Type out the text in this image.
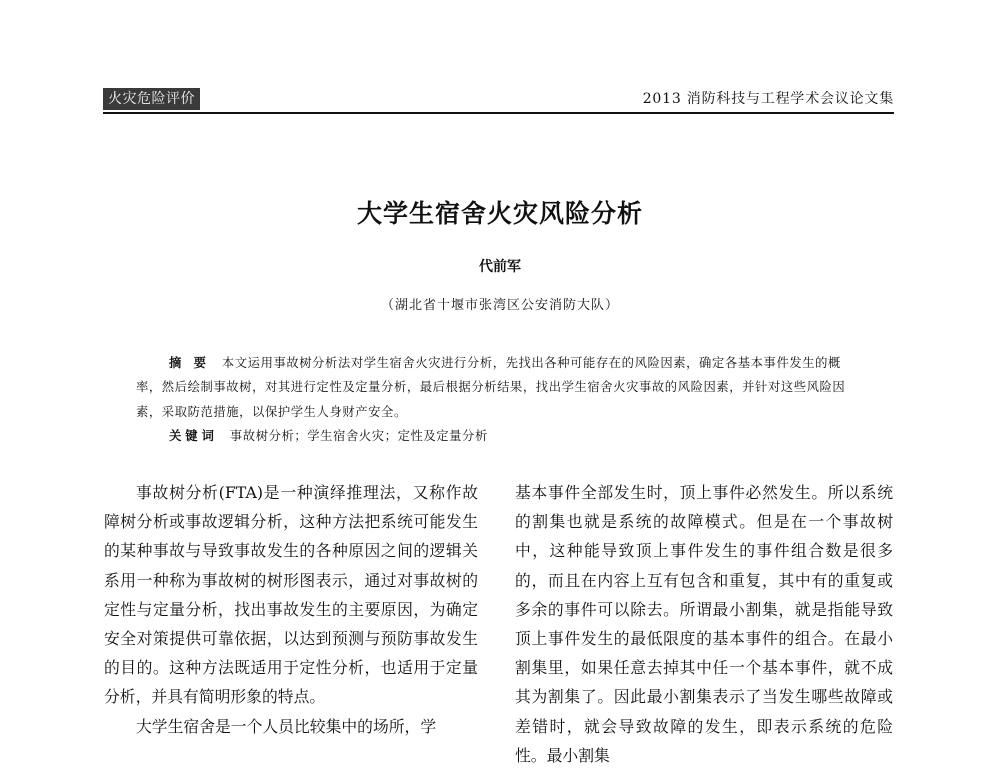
火灾危险评价	2013 消防科技与工程学术会议论文集
大学生宿舍火灾风险分析
代前军
（湖北省十堰市张湾区公安消防大队）

摘 要 本文运用事故树分析法对学生宿舍火灾进行分析，先找出各种可能存在的风险因素，确定各基本事件发生的概率，然后绘制事故树，对其进行定性及定量分析，最后根据分析结果，找出学生宿舍火灾事故的风险因素，并针对这些风险因素，采取防范措施，以保护学生人身财产安全。

关键词 事故树分析；学生宿舍火灾；定性及定量分析

事故树分析(FTA)是一种演绎推理法，又称作故障树分析或事故逻辑分析，这种方法把系统可能发生的某种事故与导致事故发生的各种原因之间的逻辑关系用一种称为事故树的树形图表示，通过对事故树的定性与定量分析，找出事故发生的主要原因，为确定安全对策提供可靠依据，以达到预测与预防事故发生的目的。这种方法既适用于定性分析，也适用于定量分析，并具有简明形象的特点。

大学生宿舍是一个人员比较集中的场所，学

基本事件全部发生时，顶上事件必然发生。所以系统的割集也就是系统的故障模式。但是在一个事故树中，这种能导致顶上事件发生的事件组合数是很多的，而且在内容上互有包含和重复，其中有的重复或多余的事件可以除去。所谓最小割集，就是指能导致顶上事件发生的最低限度的基本事件的组合。在最小割集里，如果任意去掉其中任一个基本事件，就不成其为割集了。因此最小割集表示了当发生哪些故障或差错时，就会导致故障的发生，即表示系统的危险性。最小割集
